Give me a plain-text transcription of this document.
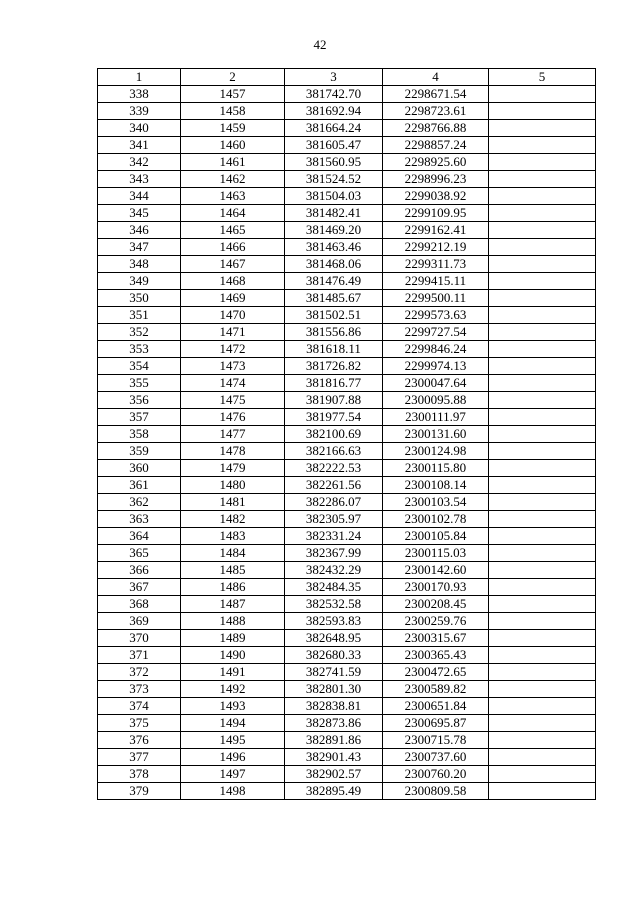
42
1	2	3	4	5
338	1457	381742.70	2298671.54	
339	1458	381692.94	2298723.61	
340	1459	381664.24	2298766.88	
341	1460	381605.47	2298857.24	
342	1461	381560.95	2298925.60	
343	1462	381524.52	2298996.23	
344	1463	381504.03	2299038.92	
345	1464	381482.41	2299109.95	
346	1465	381469.20	2299162.41	
347	1466	381463.46	2299212.19	
348	1467	381468.06	2299311.73	
349	1468	381476.49	2299415.11	
350	1469	381485.67	2299500.11	
351	1470	381502.51	2299573.63	
352	1471	381556.86	2299727.54	
353	1472	381618.11	2299846.24	
354	1473	381726.82	2299974.13	
355	1474	381816.77	2300047.64	
356	1475	381907.88	2300095.88	
357	1476	381977.54	2300111.97	
358	1477	382100.69	2300131.60	
359	1478	382166.63	2300124.98	
360	1479	382222.53	2300115.80	
361	1480	382261.56	2300108.14	
362	1481	382286.07	2300103.54	
363	1482	382305.97	2300102.78	
364	1483	382331.24	2300105.84	
365	1484	382367.99	2300115.03	
366	1485	382432.29	2300142.60	
367	1486	382484.35	2300170.93	
368	1487	382532.58	2300208.45	
369	1488	382593.83	2300259.76	
370	1489	382648.95	2300315.67	
371	1490	382680.33	2300365.43	
372	1491	382741.59	2300472.65	
373	1492	382801.30	2300589.82	
374	1493	382838.81	2300651.84	
375	1494	382873.86	2300695.87	
376	1495	382891.86	2300715.78	
377	1496	382901.43	2300737.60	
378	1497	382902.57	2300760.20	
379	1498	382895.49	2300809.58	
